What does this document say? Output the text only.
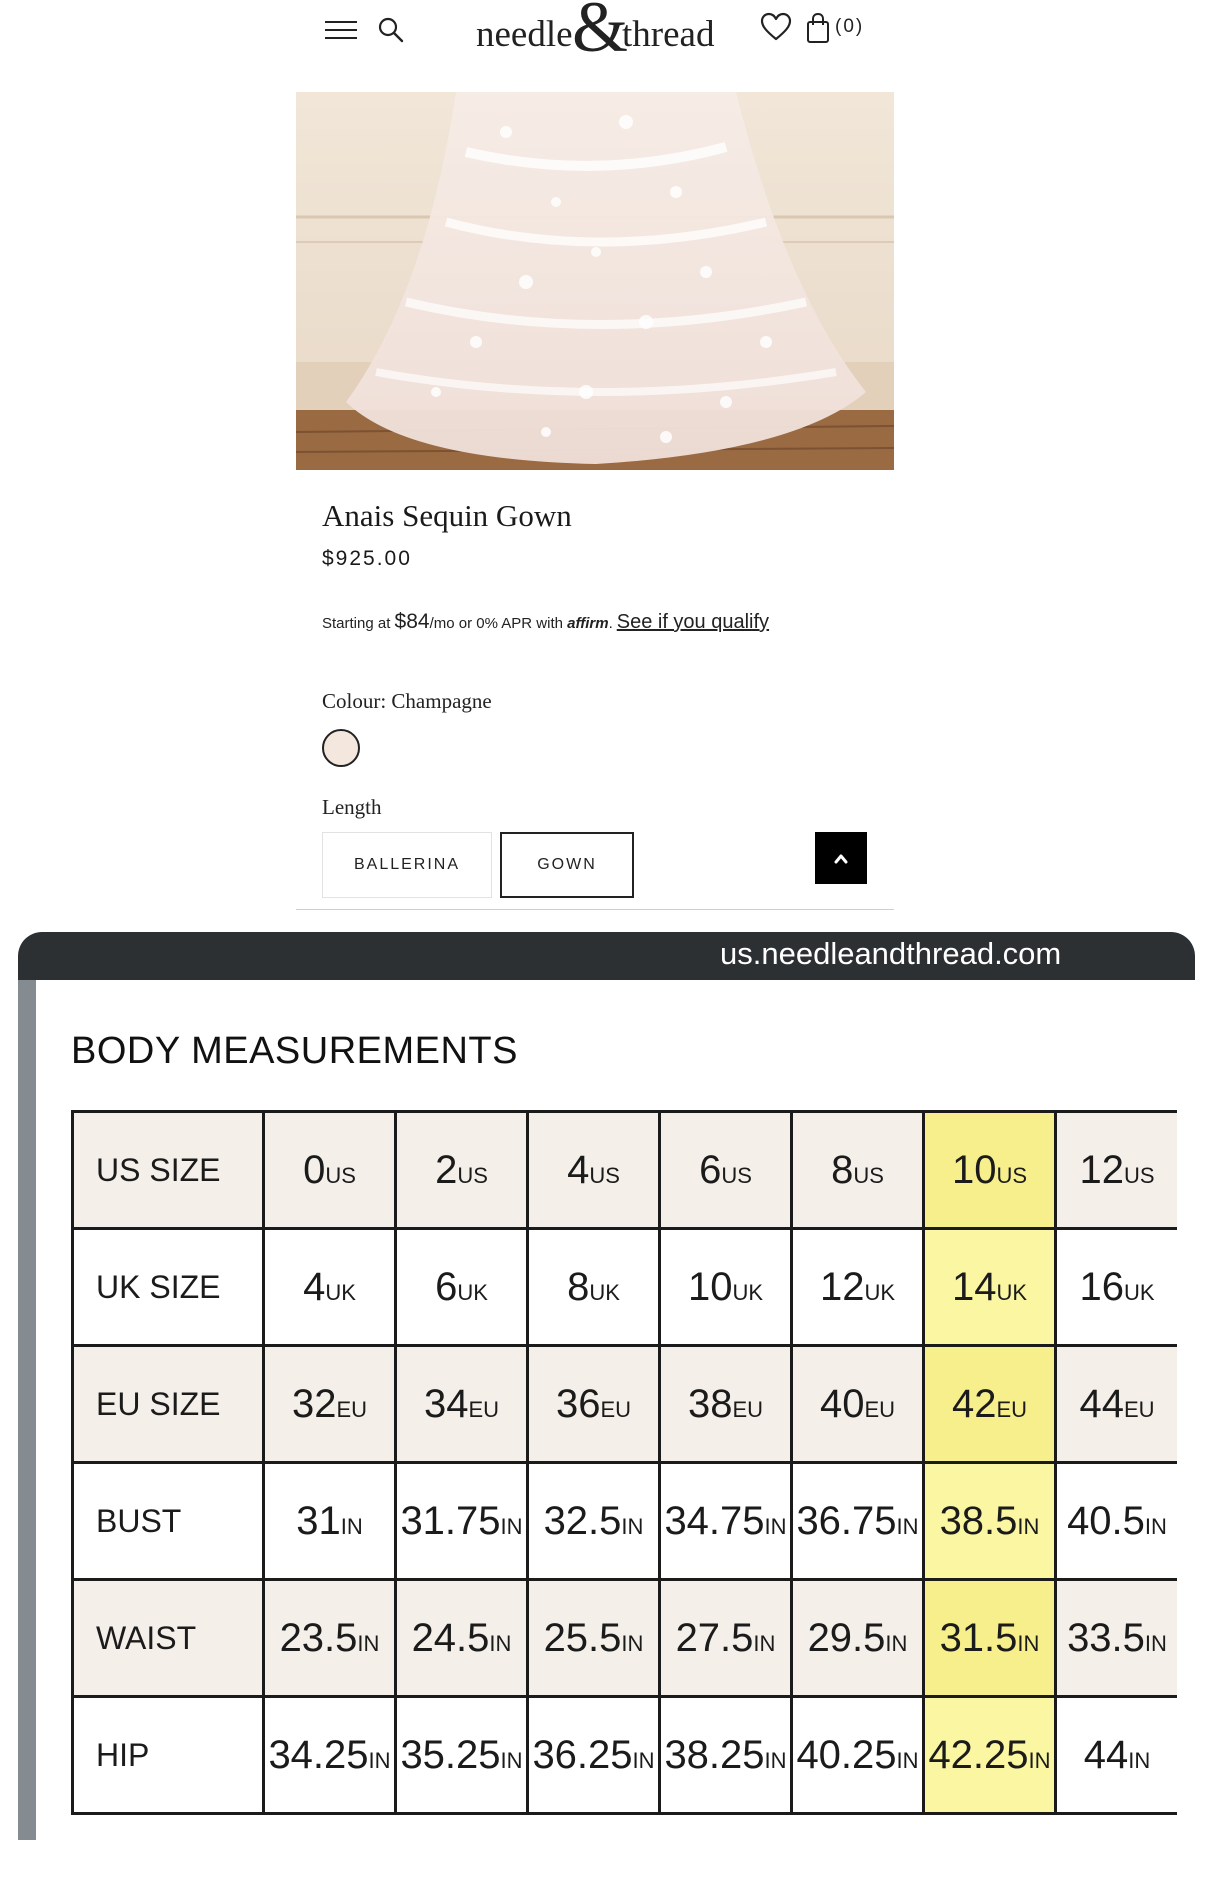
needle &
thread	(0)
Anais Sequin Gown
$925.00
Starting at $84/mo or 0% APR with affirm. See if you qualify
Colour: Champagne
Length
BALLERINA	GOWN
us.needleandthread.com
BODY MEASUREMENTS
US SIZE	0US	2US	4US	6US	8US	10US	12US
UK SIZE	4UK	6UK	8UK	10UK	12UK	14UK	16UK
EU SIZE	32EU	34EU	36EU	38EU	40EU	42EU	44EU
BUST	31IN	31.75IN	32.5IN	34.75IN	36.75IN	38.5IN	40.5IN
WAIST	23.5IN	24.5IN	25.5IN	27.5IN	29.5IN	31.5IN	33.5IN
HIP	34.25IN	35.25IN	36.25IN	38.25IN	40.25IN	42.25IN	44IN
